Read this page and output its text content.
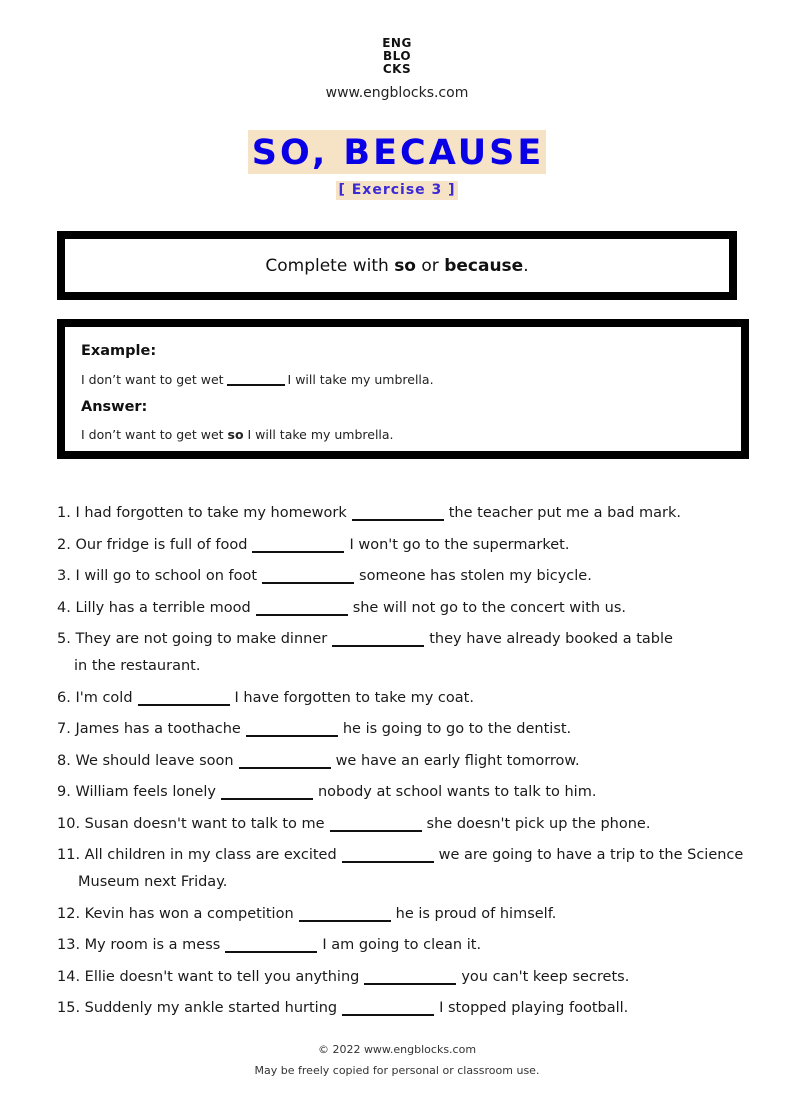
ENG
BLO
CKS
www.engblocks.com
SO, BECAUSE
[ Exercise 3 ]
Complete with so or because.
Example:
I don’t want to get wet	I will take my umbrella.
Answer:
I don’t want to get wet so I will take my umbrella.
1. I had forgotten to take my homework	the teacher put me a bad mark.
2. Our fridge is full of food	I won't go to the supermarket.
3. I will go to school on foot	someone has stolen my bicycle.
4. Lilly has a terrible mood	she will not go to the concert with us.
5. They are not going to make dinner	they have already booked a table
in the restaurant.
6. I'm cold	I have forgotten to take my coat.
7. James has a toothache	he is going to go to the dentist.
8. We should leave soon	we have an early flight tomorrow.
9. William feels lonely	nobody at school wants to talk to him.
10. Susan doesn't want to talk to me	she doesn't pick up the phone.
11. All children in my class are excited	we are going to have a trip to the Science
Museum next Friday.
12. Kevin has won a competition	he is proud of himself.
13. My room is a mess	I am going to clean it.
14. Ellie doesn't want to tell you anything	you can't keep secrets.
15. Suddenly my ankle started hurting	I stopped playing football.
© 2022 www.engblocks.com
May be freely copied for personal or classroom use.
